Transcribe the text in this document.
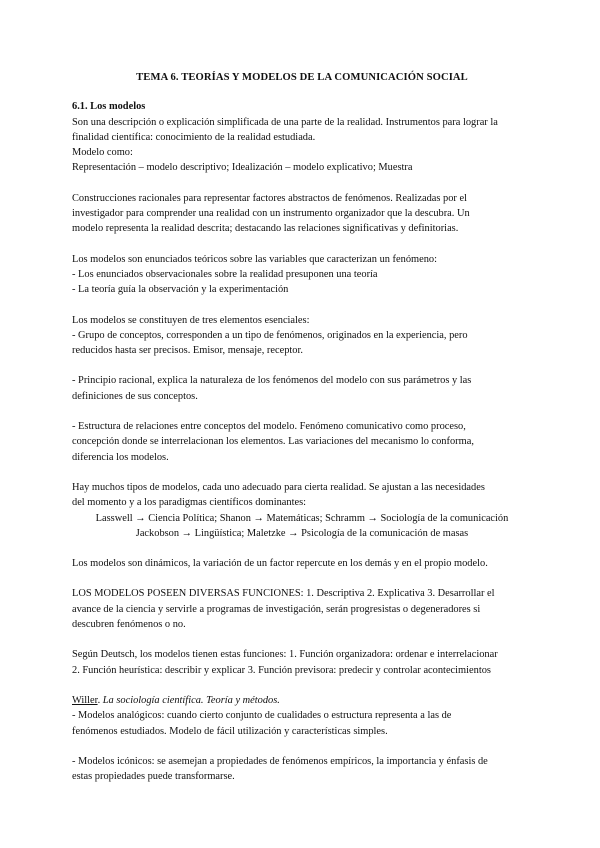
TEMA 6. TEORÍAS Y MODELOS DE LA COMUNICACIÓN SOCIAL

6.1. Los modelos

Son una descripción o explicación simplificada de una parte de la realidad. Instrumentos para lograr la

finalidad científica: conocimiento de la realidad estudiada.

Modelo como:

Representación – modelo descriptivo; Idealización – modelo explicativo; Muestra

Construcciones racionales para representar factores abstractos de fenómenos. Realizadas por el

investigador para comprender una realidad con un instrumento organizador que la descubra. Un

modelo representa la realidad descrita; destacando las relaciones significativas y definitorias.

Los modelos son enunciados teóricos sobre las variables que caracterizan un fenómeno:

- Los enunciados observacionales sobre la realidad presuponen una teoría

- La teoría guía la observación y la experimentación

Los modelos se constituyen de tres elementos esenciales:

- Grupo de conceptos, corresponden a un tipo de fenómenos, originados en la experiencia, pero

reducidos hasta ser precisos. Emisor, mensaje, receptor.

- Principio racional, explica la naturaleza de los fenómenos del modelo con sus parámetros y las

definiciones de sus conceptos.

- Estructura de relaciones entre conceptos del modelo. Fenómeno comunicativo como proceso,

concepción donde se interrelacionan los elementos. Las variaciones del mecanismo lo conforma,

diferencia los modelos.

Hay muchos tipos de modelos, cada uno adecuado para cierta realidad. Se ajustan a las necesidades

del momento y a los paradigmas científicos dominantes:

Lasswell → Ciencia Política; Shanon → Matemáticas; Schramm → Sociología de la comunicación

Jackobson → Lingüística; Maletzke → Psicología de la comunicación de masas

Los modelos son dinámicos, la variación de un factor repercute en los demás y en el propio modelo.

LOS MODELOS POSEEN DIVERSAS FUNCIONES: 1. Descriptiva 2. Explicativa 3. Desarrollar el

avance de la ciencia y servirle a programas de investigación, serán progresistas o degeneradores si

descubren fenómenos o no.

Según Deutsch, los modelos tienen estas funciones: 1. Función organizadora: ordenar e interrelacionar

2. Función heurística: describir y explicar 3. Función previsora: predecir y controlar acontecimientos

Willer. La sociología científica. Teoría y métodos.

- Modelos analógicos: cuando cierto conjunto de cualidades o estructura representa a las de

fenómenos estudiados. Modelo de fácil utilización y características simples.

- Modelos icónicos: se asemejan a propiedades de fenómenos empíricos, la importancia y énfasis de

estas propiedades puede transformarse.
